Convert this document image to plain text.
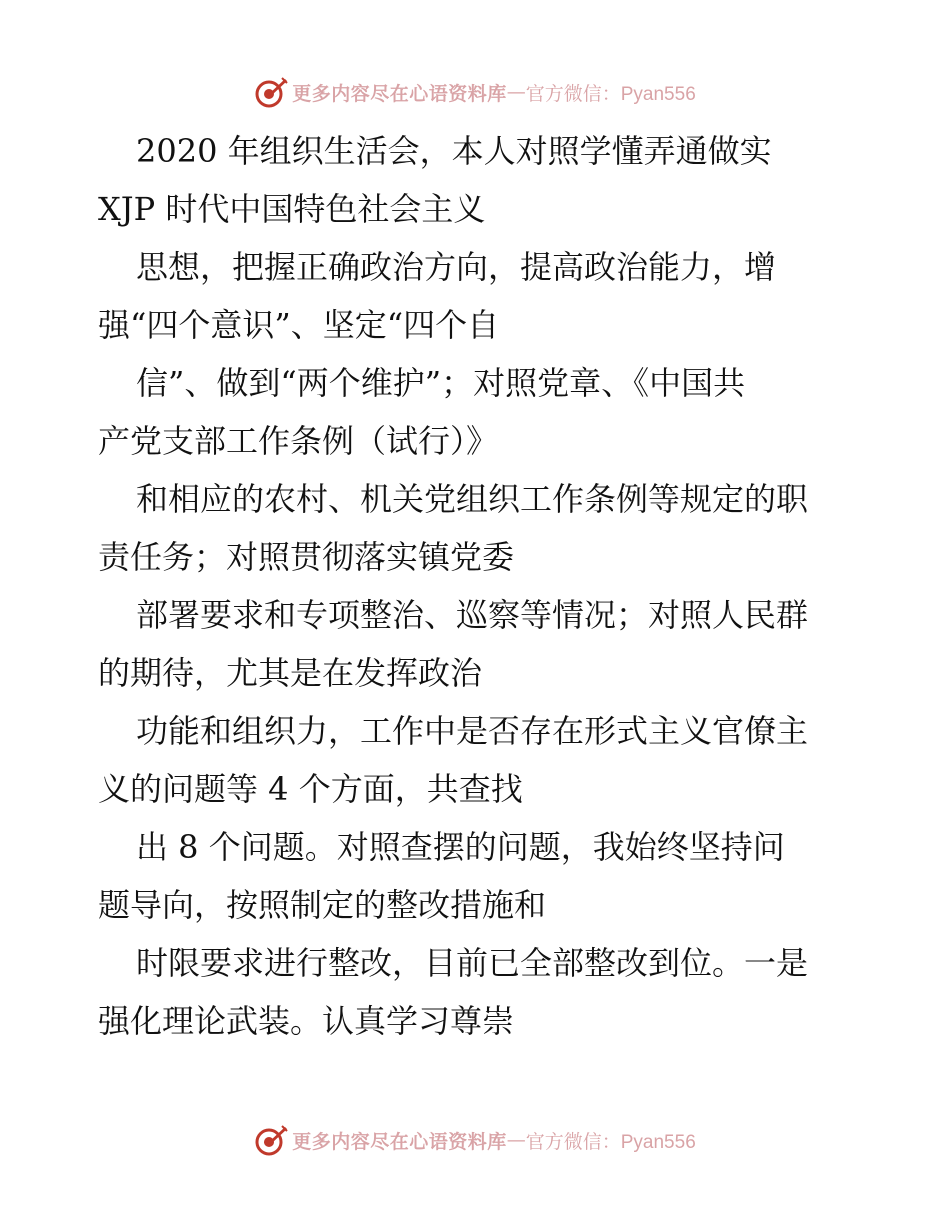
更多内容尽在心语资料库 — 官方微信：Pyan556

2020 年组织生活会，本人对照学懂弄通做实

XJP 时代中国特色社会主义

思想，把握正确政治方向，提高政治能力，增

强“四个意识”、坚定“四个自

信”、做到“两个维护”；对照党章、《中国共

产党支部工作条例（试行）》

和相应的农村、机关党组织工作条例等规定的职

责任务；对照贯彻落实镇党委

部署要求和专项整治、巡察等情况；对照人民群

的期待，尤其是在发挥政治

功能和组织力，工作中是否存在形式主义官僚主

义的问题等 4 个方面，共查找

出 8 个问题。对照查摆的问题，我始终坚持问

题导向，按照制定的整改措施和

时限要求进行整改，目前已全部整改到位。一是

强化理论武装。认真学习尊崇

更多内容尽在心语资料库 — 官方微信：Pyan556
